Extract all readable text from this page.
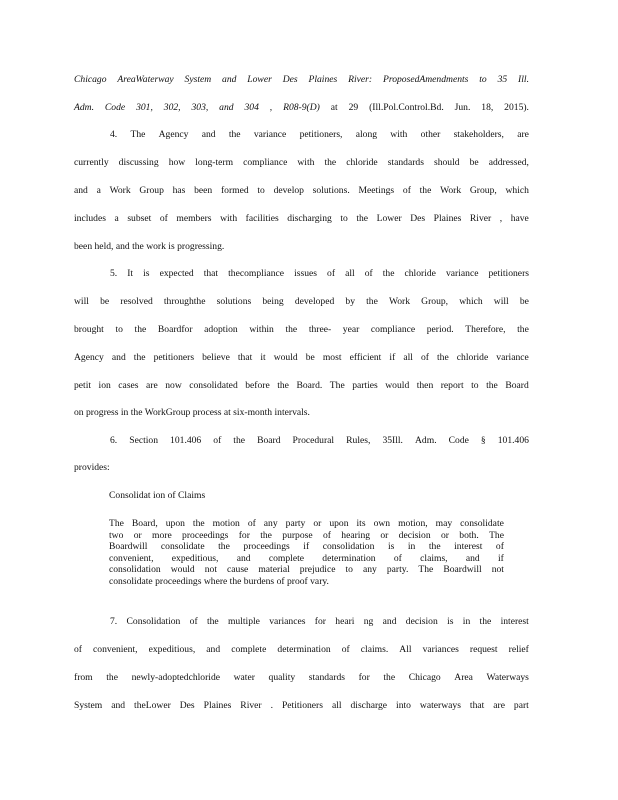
Chicago AreaWaterway System and Lower Des Plaines River: ProposedAmendments to 35 Ill.
Adm. Code 301, 302, 303, and 304 , R08-9(D) at 29 (Ill.Pol.Control.Bd. Jun. 18, 2015).
4. The Agency and the variance petitioners, along with other stakeholders, are
currently discussing how long-term compliance with the chloride standards should be addressed,
and a Work Group has been formed to develop solutions. Meetings of the Work Group, which
includes a subset of members with facilities discharging to the Lower Des Plaines River , have
been held, and the work is progressing.
5. It is expected that thecompliance issues of all of the chloride variance petitioners
will be resolved throughthe solutions being developed by the Work Group, which will be
brought to the Boardfor adoption within the three- year compliance period. Therefore, the
Agency and the petitioners believe that it would be most efficient if all of the chloride variance
petit ion cases are now consolidated before the Board. The parties would then report to the Board
on progress in the WorkGroup process at six-month intervals.
6. Section 101.406 of the Board Procedural Rules, 35Ill. Adm. Code § 101.406
provides:
Consolidat ion of Claims
The Board, upon the motion of any party or upon its own motion, may consolidate
two or more proceedings for the purpose of hearing or decision or both. The
Boardwill consolidate the proceedings if consolidation is in the interest of
convenient, expeditious, and complete determination of claims, and if
consolidation would not cause material prejudice to any party. The Boardwill not
consolidate proceedings where the burdens of proof vary.
7. Consolidation of the multiple variances for heari ng and decision is in the interest
of convenient, expeditious, and complete determination of claims. All variances request relief
from the newly-adoptedchloride water quality standards for the Chicago Area Waterways
System and theLower Des Plaines River . Petitioners all discharge into waterways that are part
